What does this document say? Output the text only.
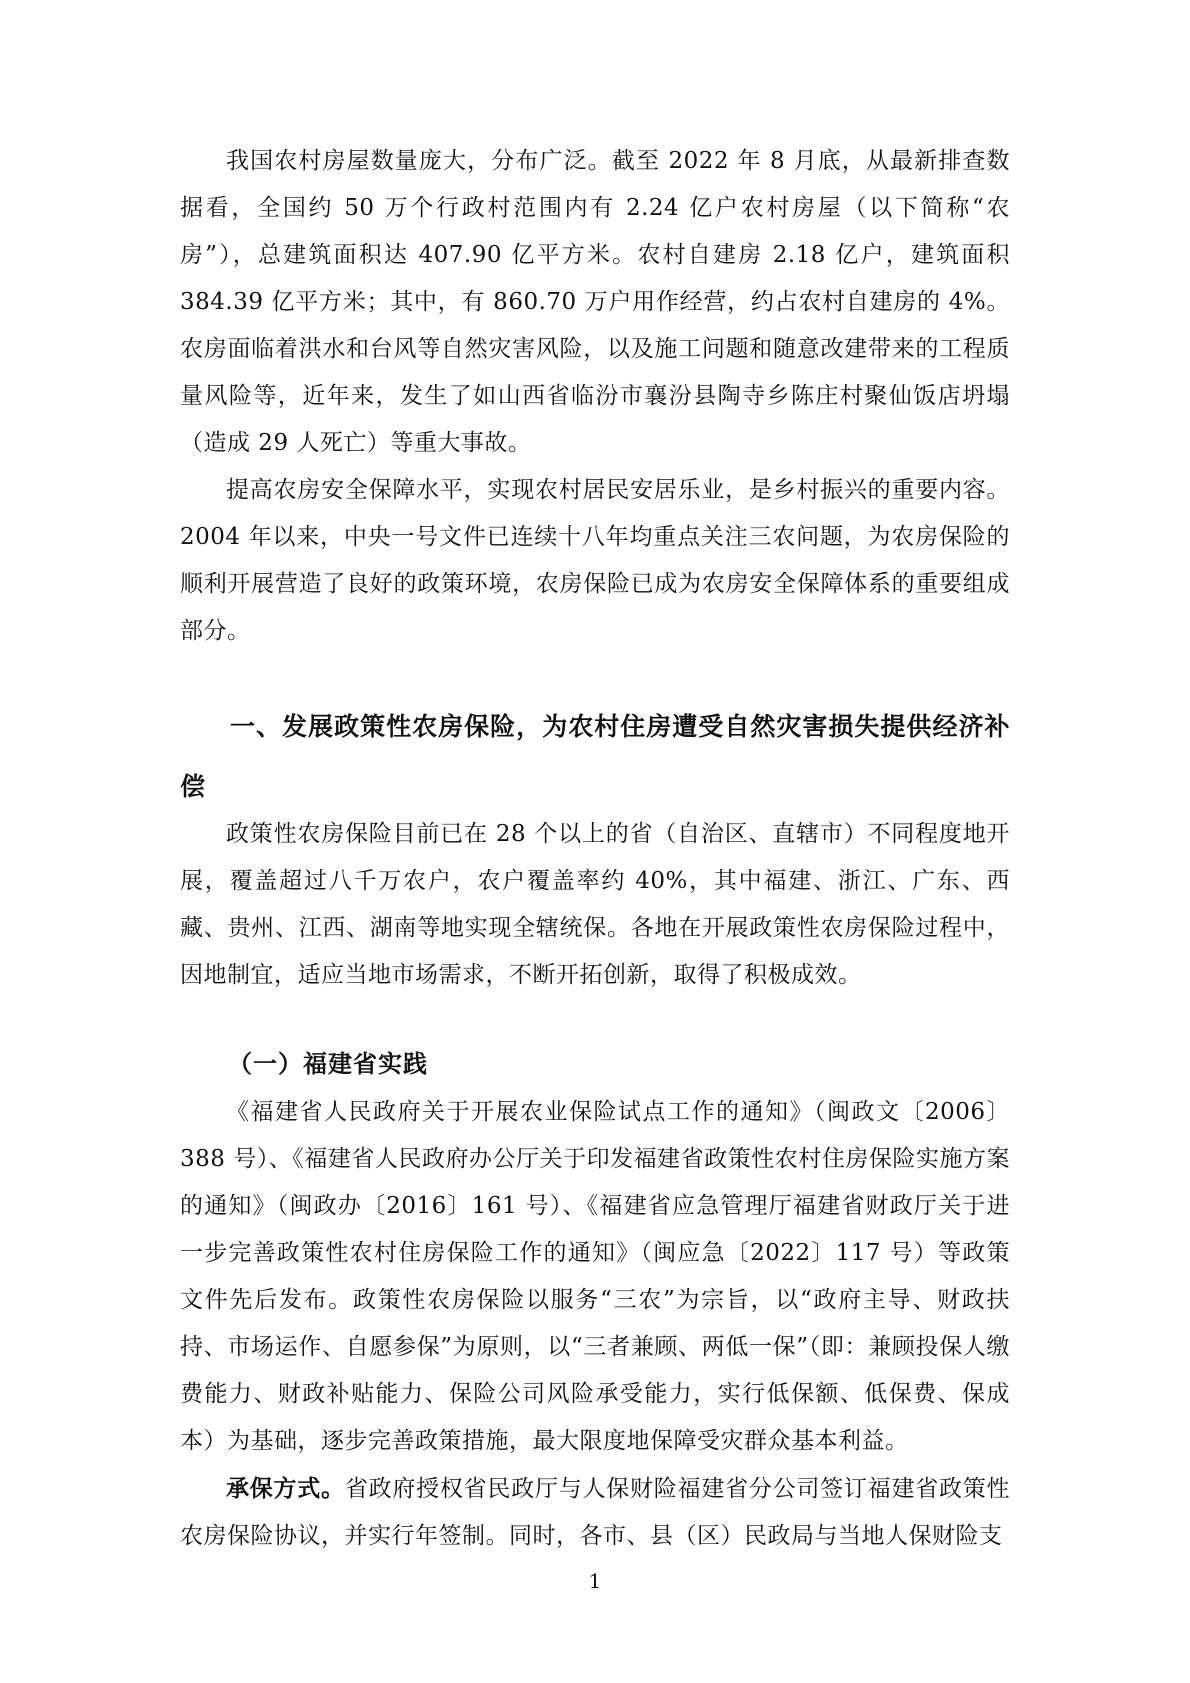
我国农村房屋数量庞大，分布广泛。截至 2022 年 8 月底，从最新排查数据看，全国约 50 万个行政村范围内有 2.24 亿户农村房屋（以下简称“农房”），总建筑面积达 407.90 亿平方米。农村自建房 2.18 亿户，建筑面积 384.39 亿平方米；其中，有 860.70 万户用作经营，约占农村自建房的 4%。农房面临着洪水和台风等自然灾害风险，以及施工问题和随意改建带来的工程质量风险等，近年来，发生了如山西省临汾市襄汾县陶寺乡陈庄村聚仙饭店坍塌（造成 29 人死亡）等重大事故。

提高农房安全保障水平，实现农村居民安居乐业，是乡村振兴的重要内容。2004 年以来，中央一号文件已连续十八年均重点关注三农问题，为农房保险的顺利开展营造了良好的政策环境，农房保险已成为农房安全保障体系的重要组成部分。

一、发展政策性农房保险，为农村住房遭受自然灾害损失提供经济补偿

政策性农房保险目前已在 28 个以上的省（自治区、直辖市）不同程度地开展，覆盖超过八千万农户，农户覆盖率约 40%，其中福建、浙江、广东、西藏、贵州、江西、湖南等地实现全辖统保。各地在开展政策性农房保险过程中，因地制宜，适应当地市场需求，不断开拓创新，取得了积极成效。

（一）福建省实践

《福建省人民政府关于开展农业保险试点工作的通知》（闽政文〔2006〕388 号）、《福建省人民政府办公厅关于印发福建省政策性农村住房保险实施方案的通知》（闽政办〔2016〕161 号）、《福建省应急管理厅福建省财政厅关于进一步完善政策性农村住房保险工作的通知》（闽应急〔2022〕117 号）等政策文件先后发布。政策性农房保险以服务“三农”为宗旨，以“政府主导、财政扶持、市场运作、自愿参保”为原则，以“三者兼顾、两低一保”（即：兼顾投保人缴费能力、财政补贴能力、保险公司风险承受能力，实行低保额、低保费、保成本）为基础，逐步完善政策措施，最大限度地保障受灾群众基本利益。

承保方式。省政府授权省民政厅与人保财险福建省分公司签订福建省政策性农房保险协议，并实行年签制。同时，各市、县（区）民政局与当地人保财险支

1
